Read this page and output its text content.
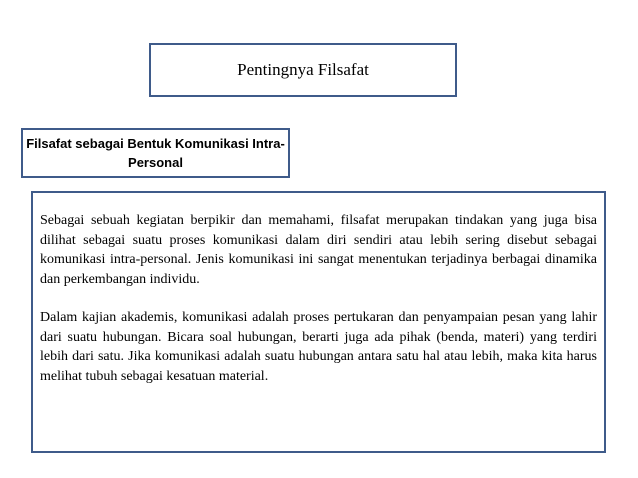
Pentingnya Filsafat
Filsafat sebagai Bentuk Komunikasi Intra-Personal

Sebagai sebuah kegiatan berpikir dan memahami, filsafat merupakan tindakan yang juga bisa dilihat sebagai suatu proses komunikasi dalam diri sendiri atau lebih sering disebut sebagai komunikasi intra-personal. Jenis komunikasi ini sangat menentukan terjadinya berbagai dinamika dan perkembangan individu.

Dalam kajian akademis, komunikasi adalah proses pertukaran dan penyampaian pesan yang lahir dari suatu hubungan. Bicara soal hubungan, berarti juga ada pihak (benda, materi) yang terdiri lebih dari satu. Jika komunikasi adalah suatu hubungan antara satu hal atau lebih, maka kita harus melihat tubuh sebagai kesatuan material.
